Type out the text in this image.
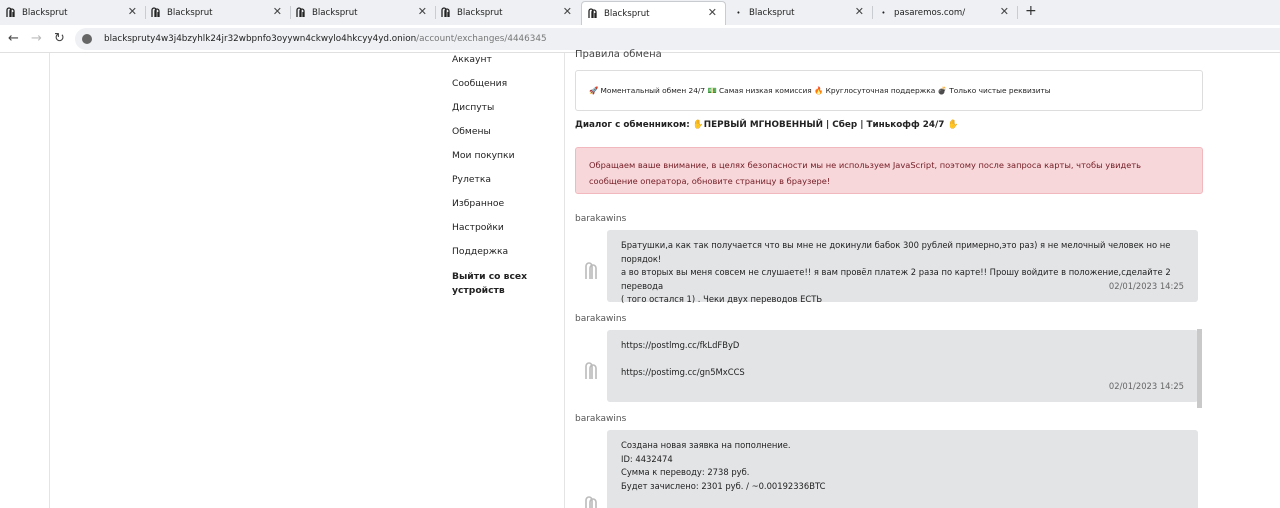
Blacksprut	✕	Blacksprut	✕	Blacksprut	✕	Blacksprut	✕	Blacksprut	✕	• Blacksprut	✕	• pasaremos.com/	✕ +
← → ↻	blacksprutу4w3j4bzyhlk24jr32wbpnfo3oyywn4ckwylo4hkcyy4yd.onion/account/exchanges/4446345
Аккаунт
Сообщения
Диспуты
Обмены
Мои покупки
Рулетка
Избранное
Настройки
Поддержка
Выйти со всех устройств
Правила обмена
🚀 Моментальный обмен 24/7 💵 Самая низкая комиссия 🔥 Круглосуточная поддержка 💣 Только чистые реквизиты
Диалог с обменником: ✋ПЕРВЫЙ МГНОВЕННЫЙ | Сбер | Тинькофф 24/7 ✋
Обращаем ваше внимание, в целях безопасности мы не используем JavaScript, поэтому после запроса карты, чтобы увидеть сообщение оператора, обновите страницу в браузере!
barakawins
Братушки,а как так получается что вы мне не докинули бабок 300 рублей примерно,это раз) я не мелочный человек но не порядок!
а во вторых вы меня совсем не слушаете!! я вам провёл платеж 2 раза по карте!! Прошу войдите в положение,сделайте 2 перевода
( того остался 1) . Чеки двух переводов ЕСТЬ
02/01/2023 14:25
barakawins
https://postlmg.cc/fkLdFByD
https://postimg.cc/gn5MxCCS
02/01/2023 14:25
barakawins
Создана новая заявка на пополнение.
ID: 4432474
Сумма к переводу: 2738 руб.
Будет зачислено: 2301 руб. / ~0.00192336BTC
